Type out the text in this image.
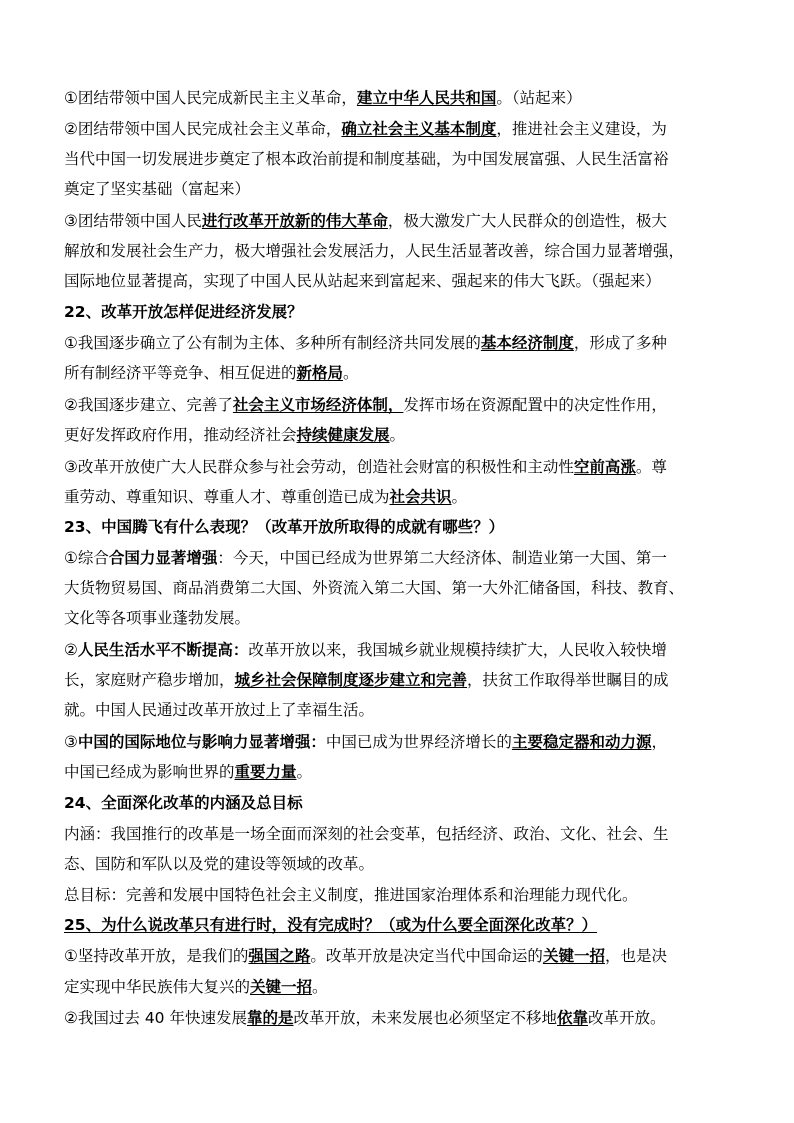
①团结带领中国人民完成新民主主义革命，建立中华人民共和国。（站起来）
②团结带领中国人民完成社会主义革命，确立社会主义基本制度，推进社会主义建设，为
当代中国一切发展进步奠定了根本政治前提和制度基础，为中国发展富强、人民生活富裕
奠定了坚实基础（富起来）
③团结带领中国人民进行改革开放新的伟大革命，极大激发广大人民群众的创造性，极大
解放和发展社会生产力，极大增强社会发展活力，人民生活显著改善，综合国力显著增强，
国际地位显著提高，实现了中国人民从站起来到富起来、强起来的伟大飞跃。（强起来）
22、改革开放怎样促进经济发展？
①我国逐步确立了公有制为主体、多种所有制经济共同发展的基本经济制度，形成了多种
所有制经济平等竞争、相互促进的新格局。
②我国逐步建立、完善了社会主义市场经济体制，发挥市场在资源配置中的决定性作用，
更好发挥政府作用，推动经济社会持续健康发展。
③改革开放使广大人民群众参与社会劳动，创造社会财富的积极性和主动性空前高涨。尊
重劳动、尊重知识、尊重人才、尊重创造已成为社会共识。
23、中国腾飞有什么表现？（改革开放所取得的成就有哪些？）
①综合合国力显著增强：今天，中国已经成为世界第二大经济体、制造业第一大国、第一
大货物贸易国、商品消费第二大国、外资流入第二大国、第一大外汇储备国，科技、教育、
文化等各项事业蓬勃发展。
②人民生活水平不断提高：改革开放以来，我国城乡就业规模持续扩大，人民收入较快增
长，家庭财产稳步增加，城乡社会保障制度逐步建立和完善，扶贫工作取得举世瞩目的成
就。中国人民通过改革开放过上了幸福生活。
③中国的国际地位与影响力显著增强：中国已成为世界经济增长的主要稳定器和动力源，
中国已经成为影响世界的重要力量。
24、全面深化改革的内涵及总目标
内涵：我国推行的改革是一场全面而深刻的社会变革，包括经济、政治、文化、社会、生
态、国防和军队以及党的建设等领域的改革。
总目标：完善和发展中国特色社会主义制度，推进国家治理体系和治理能力现代化。
25、为什么说改革只有进行时，没有完成时？（或为什么要全面深化改革？）
①坚持改革开放，是我们的强国之路。改革开放是决定当代中国命运的关键一招，也是决
定实现中华民族伟大复兴的关键一招。
②我国过去 40 年快速发展靠的是改革开放，未来发展也必须坚定不移地依靠改革开放。
